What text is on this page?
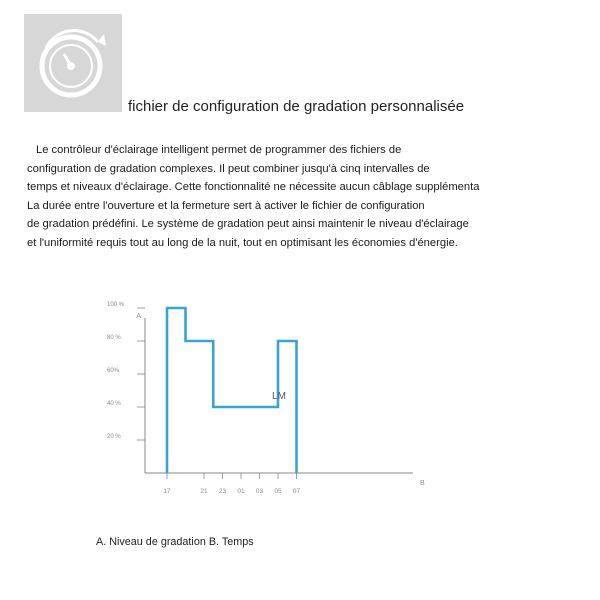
fichier de configuration de gradation personnalisée
Le contrôleur d'éclairage intelligent permet de programmer des fichiers de
configuration de gradation complexes. Il peut combiner jusqu'à cinq intervalles de
temps et niveaux d'éclairage. Cette fonctionnalité ne nécessite aucun câblage supplémenta
La durée entre l'ouverture et la fermeture sert à activer le fichier de configuration
de gradation prédéfini. Le système de gradation peut ainsi maintenir le niveau d'éclairage
et l'uniformité requis tout au long de la nuit, tout en optimisant les économies d'énergie.
A
100 %
80 %
60%
40 %
20 %
B
17	21 23 01 03 05 07
LM
A. Niveau de gradation B. Temps
